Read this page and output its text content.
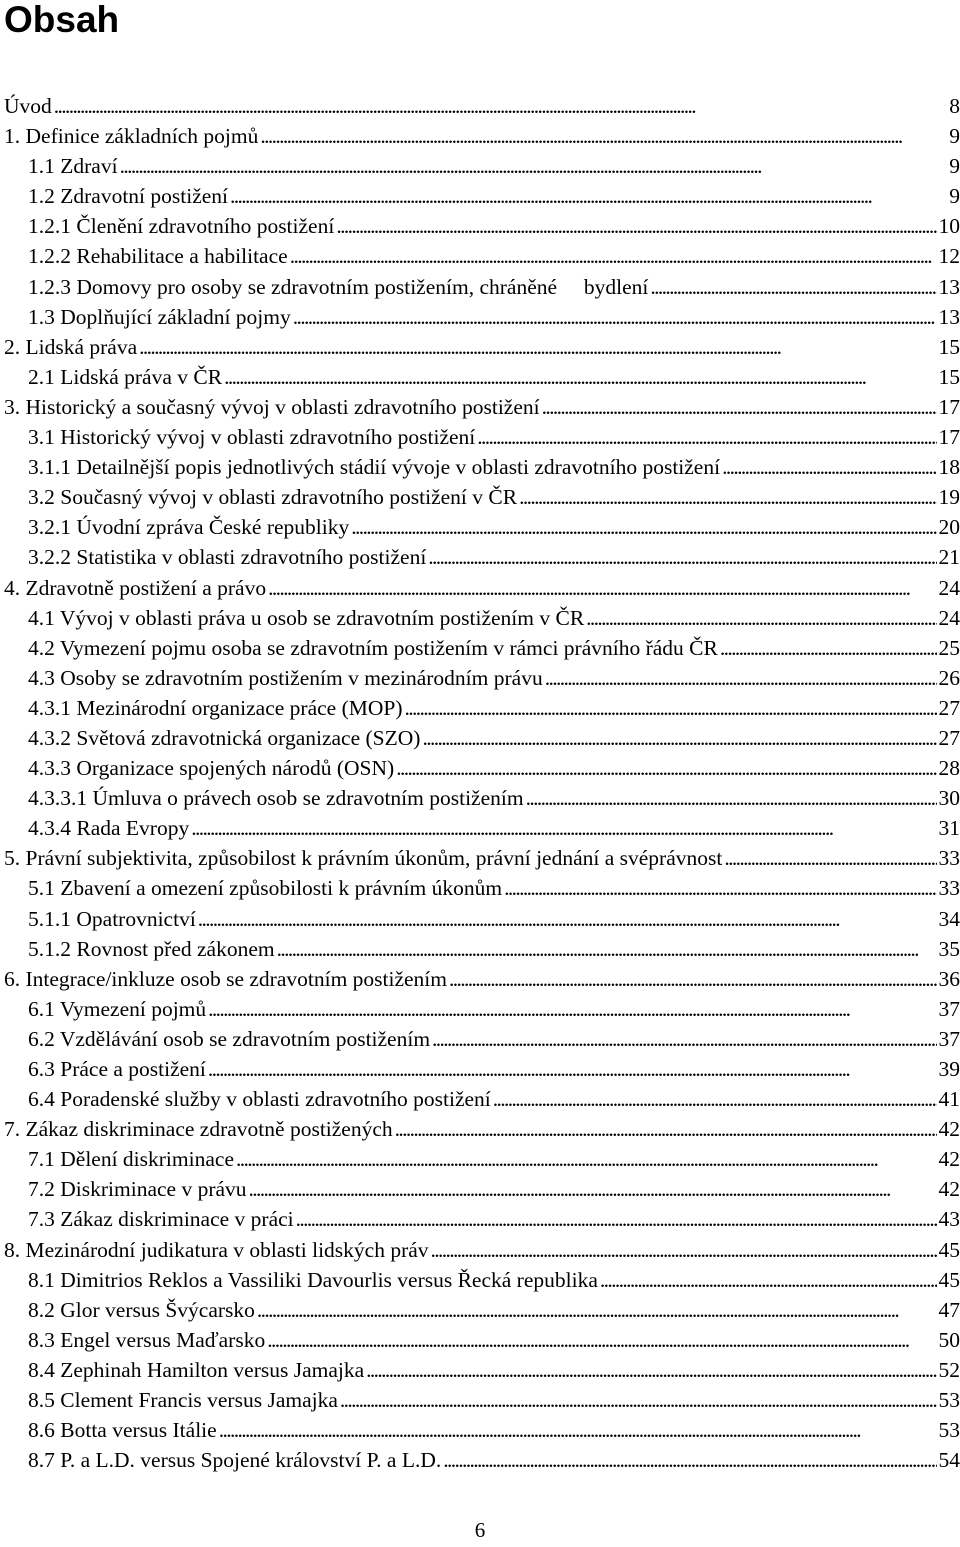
Obsah
Úvod . . .	8
1. Definice základních pojmů . . .	9
1.1 Zdraví . . .	9
1.2 Zdravotní postižení . . .	9
1.2.1 Členění zdravotního postižení . . .	10
1.2.2 Rehabilitace a habilitace . . .	12
1.2.3 Domovy pro osoby se zdravotním postižením, chráněné     bydlení . . .	13
1.3 Doplňující základní pojmy . . .	13
2. Lidská práva . . .	15
2.1 Lidská práva v ČR . . .	15
3. Historický a současný vývoj v oblasti zdravotního postižení . . .	17
3.1 Historický vývoj v oblasti zdravotního postižení . . .	17
3.1.1 Detailnější popis jednotlivých stádií vývoje v oblasti zdravotního postižení . . .	18
3.2 Současný vývoj v oblasti zdravotního postižení v ČR . . .	19
3.2.1 Úvodní zpráva České republiky . . .	20
3.2.2 Statistika v oblasti zdravotního postižení . . .	21
4. Zdravotně postižení a právo . . .	24
4.1 Vývoj v oblasti práva u osob se zdravotním postižením v ČR . . .	24
4.2 Vymezení pojmu osoba se zdravotním postižením v rámci právního řádu ČR . . .	25
4.3 Osoby se zdravotním postižením v mezinárodním právu . . .	26
4.3.1 Mezinárodní organizace práce (MOP) . . .	27
4.3.2 Světová zdravotnická organizace (SZO) . . .	27
4.3.3 Organizace spojených národů (OSN) . . .	28
4.3.3.1 Úmluva o právech osob se zdravotním postižením . . .	30
4.3.4 Rada Evropy . . .	31
5. Právní subjektivita, způsobilost k právním úkonům, právní jednání a svéprávnost . . .	33
5.1 Zbavení a omezení způsobilosti k právním úkonům . . .	33
5.1.1 Opatrovnictví . . .	34
5.1.2 Rovnost před zákonem . . .	35
6. Integrace/inkluze osob se zdravotním postižením . . .	36
6.1 Vymezení pojmů . . .	37
6.2 Vzdělávání osob se zdravotním postižením . . .	37
6.3 Práce a postižení . . .	39
6.4 Poradenské služby v oblasti zdravotního postižení . . .	41
7. Zákaz diskriminace zdravotně postižených . . .	42
7.1 Dělení diskriminace . . .	42
7.2 Diskriminace v právu . . .	42
7.3 Zákaz diskriminace v práci . . .	43
8. Mezinárodní judikatura v oblasti lidských práv . . .	45
8.1 Dimitrios Reklos a Vassiliki Davourlis versus Řecká republika . . .	45
8.2 Glor versus Švýcarsko . . .	47
8.3 Engel versus Maďarsko . . .	50
8.4 Zephinah Hamilton versus Jamajka . . .	52
8.5 Clement Francis versus Jamajka . . .	53
8.6 Botta versus Itálie . . .	53
8.7 P. a L.D. versus Spojené království P. a L.D. . . .	54
6
